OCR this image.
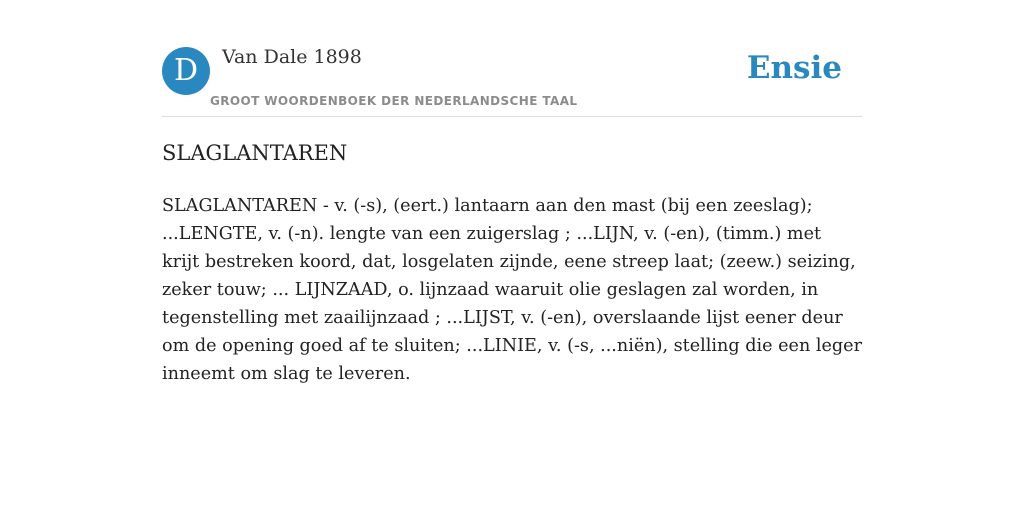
D	Van Dale 1898
GROOT WOORDENBOEK DER NEDERLANDSCHE TAAL
Ensie
SLAGLANTAREN

SLAGLANTAREN - v. (-s), (eert.) lantaarn aan den mast (bij een zeeslag); ...LENGTE, v. (-n). lengte van een zuigerslag ; ...LIJN, v. (-en), (timm.) met krijt bestreken koord, dat, losgelaten zijnde, eene streep laat; (zeew.) seizing, zeker touw; ... LIJNZAAD, o. lijnzaad waaruit olie geslagen zal worden, in tegenstelling met zaailijnzaad ; ...LIJST, v. (-en), overslaande lijst eener deur om de opening goed af te sluiten; ...LINIE, v. (-s, ...niën), stelling die een leger inneemt om slag te leveren.
